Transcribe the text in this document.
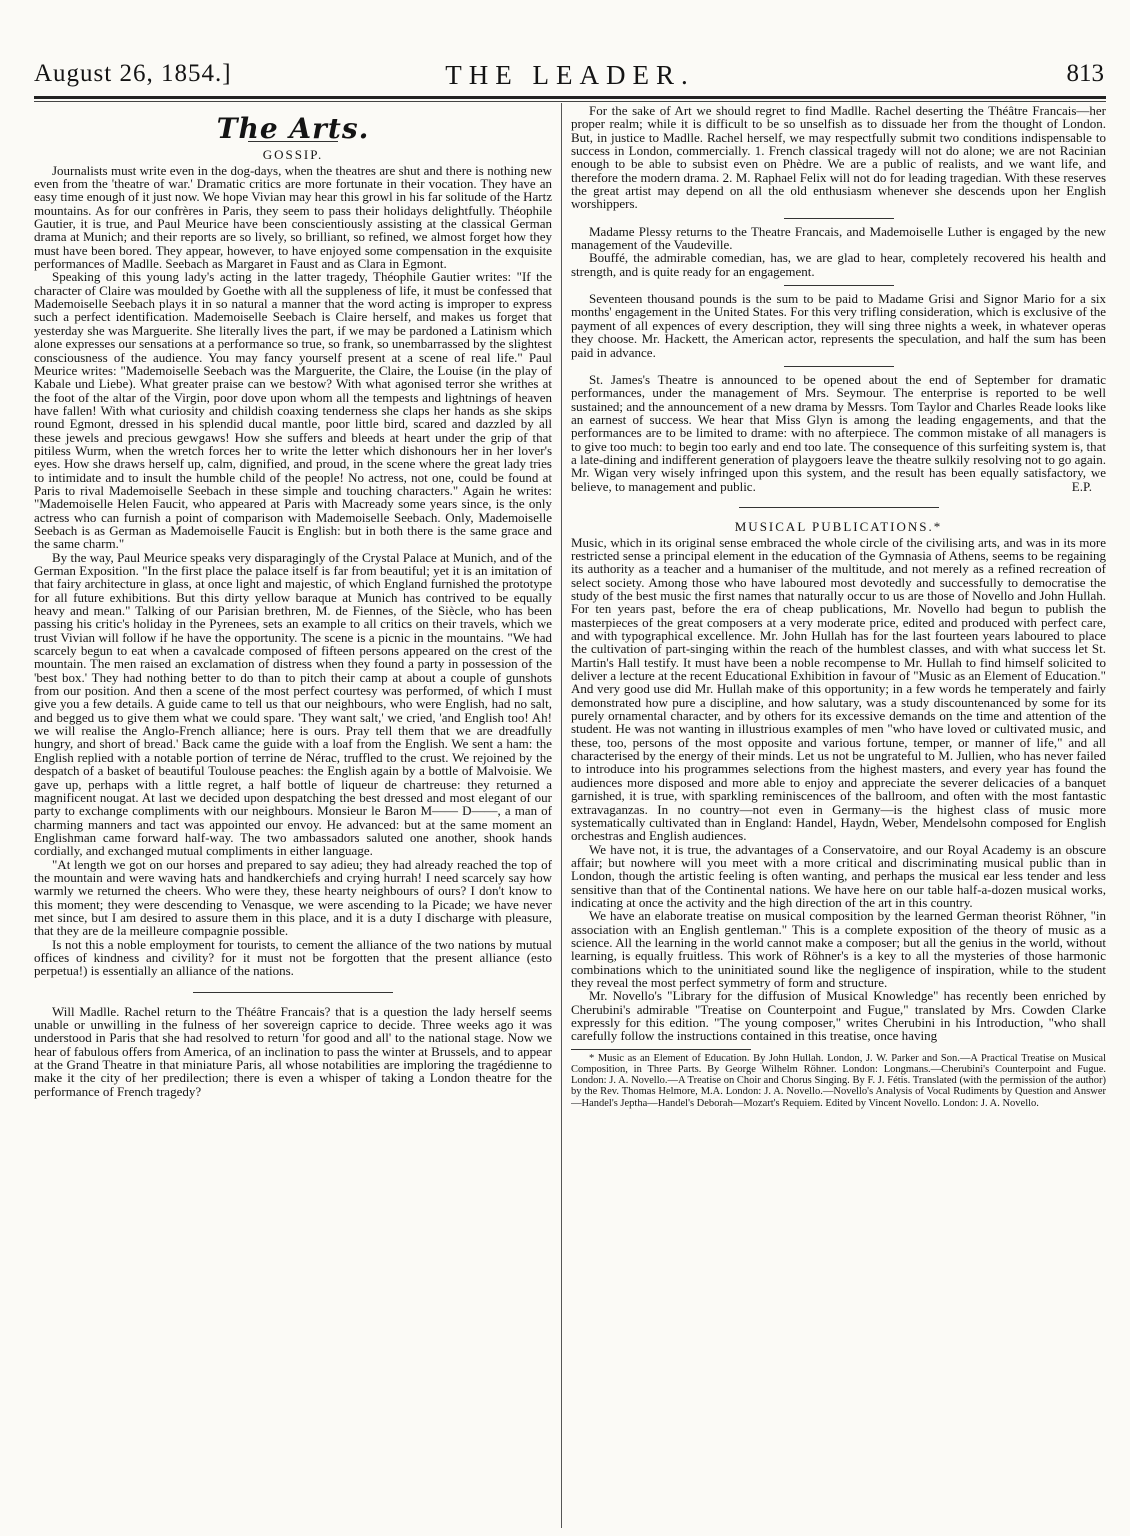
August 26, 1854.]	THE LEADER.	813
The Arts.
GOSSIP.

Journalists must write even in the dog-days, when the theatres are shut and there is nothing new even from the 'theatre of war.' Dramatic critics are more fortunate in their vocation. They have an easy time enough of it just now. We hope Vivian may hear this growl in his far solitude of the Hartz mountains. As for our confrères in Paris, they seem to pass their holidays delightfully. Théophile Gautier, it is true, and Paul Meurice have been conscientiously assisting at the classical German drama at Munich; and their reports are so lively, so brilliant, so refined, we almost forget how they must have been bored. They appear, however, to have enjoyed some compensation in the exquisite performances of Madlle. Seebach as Margaret in Faust and as Clara in Egmont.

Speaking of this young lady's acting in the latter tragedy, Théophile Gautier writes: "If the character of Claire was moulded by Goethe with all the suppleness of life, it must be confessed that Mademoiselle Seebach plays it in so natural a manner that the word acting is improper to express such a perfect identification. Mademoiselle Seebach is Claire herself, and makes us forget that yesterday she was Marguerite. She literally lives the part, if we may be pardoned a Latinism which alone expresses our sensations at a performance so true, so frank, so unembarrassed by the slightest consciousness of the audience. You may fancy yourself present at a scene of real life." Paul Meurice writes: "Mademoiselle Seebach was the Marguerite, the Claire, the Louise (in the play of Kabale und Liebe). What greater praise can we bestow? With what agonised terror she writhes at the foot of the altar of the Virgin, poor dove upon whom all the tempests and lightnings of heaven have fallen! With what curiosity and childish coaxing tenderness she claps her hands as she skips round Egmont, dressed in his splendid ducal mantle, poor little bird, scared and dazzled by all these jewels and precious gewgaws! How she suffers and bleeds at heart under the grip of that pitiless Wurm, when the wretch forces her to write the letter which dishonours her in her lover's eyes. How she draws herself up, calm, dignified, and proud, in the scene where the great lady tries to intimidate and to insult the humble child of the people! No actress, not one, could be found at Paris to rival Mademoiselle Seebach in these simple and touching characters." Again he writes: "Mademoiselle Helen Faucit, who appeared at Paris with Macready some years since, is the only actress who can furnish a point of comparison with Mademoiselle Seebach. Only, Mademoiselle Seebach is as German as Mademoiselle Faucit is English: but in both there is the same grace and the same charm."

By the way, Paul Meurice speaks very disparagingly of the Crystal Palace at Munich, and of the German Exposition. "In the first place the palace itself is far from beautiful; yet it is an imitation of that fairy architecture in glass, at once light and majestic, of which England furnished the prototype for all future exhibitions. But this dirty yellow baraque at Munich has contrived to be equally heavy and mean." Talking of our Parisian brethren, M. de Fiennes, of the Siècle, who has been passing his critic's holiday in the Pyrenees, sets an example to all critics on their travels, which we trust Vivian will follow if he have the opportunity. The scene is a picnic in the mountains. "We had scarcely begun to eat when a cavalcade composed of fifteen persons appeared on the crest of the mountain. The men raised an exclamation of distress when they found a party in possession of the 'best box.' They had nothing better to do than to pitch their camp at about a couple of gunshots from our position. And then a scene of the most perfect courtesy was performed, of which I must give you a few details. A guide came to tell us that our neighbours, who were English, had no salt, and begged us to give them what we could spare. 'They want salt,' we cried, 'and English too! Ah! we will realise the Anglo-French alliance; here is ours. Pray tell them that we are dreadfully hungry, and short of bread.' Back came the guide with a loaf from the English. We sent a ham: the English replied with a notable portion of terrine de Nérac, truffled to the crust. We rejoined by the despatch of a basket of beautiful Toulouse peaches: the English again by a bottle of Malvoisie. We gave up, perhaps with a little regret, a half bottle of liqueur de chartreuse: they returned a magnificent nougat. At last we decided upon despatching the best dressed and most elegant of our party to exchange compliments with our neighbours. Monsieur le Baron M—— D——, a man of charming manners and tact was appointed our envoy. He advanced: but at the same moment an Englishman came forward half-way. The two ambassadors saluted one another, shook hands cordially, and exchanged mutual compliments in either language.

"At length we got on our horses and prepared to say adieu; they had already reached the top of the mountain and were waving hats and handkerchiefs and crying hurrah! I need scarcely say how warmly we returned the cheers. Who were they, these hearty neighbours of ours? I don't know to this moment; they were descending to Venasque, we were ascending to la Picade; we have never met since, but I am desired to assure them in this place, and it is a duty I discharge with pleasure, that they are de la meilleure compagnie possible.

Is not this a noble employment for tourists, to cement the alliance of the two nations by mutual offices of kindness and civility? for it must not be forgotten that the present alliance (esto perpetua!) is essentially an alliance of the nations.

Will Madlle. Rachel return to the Théâtre Francais? that is a question the lady herself seems unable or unwilling in the fulness of her sovereign caprice to decide. Three weeks ago it was understood in Paris that she had resolved to return 'for good and all' to the national stage. Now we hear of fabulous offers from America, of an inclination to pass the winter at Brussels, and to appear at the Grand Theatre in that miniature Paris, all whose notabilities are imploring the tragédienne to make it the city of her predilection; there is even a whisper of taking a London theatre for the performance of French tragedy?

For the sake of Art we should regret to find Madlle. Rachel deserting the Théâtre Francais—her proper realm; while it is difficult to be so unselfish as to dissuade her from the thought of London. But, in justice to Madlle. Rachel herself, we may respectfully submit two conditions indispensable to success in London, commercially. 1. French classical tragedy will not do alone; we are not Racinian enough to be able to subsist even on Phèdre. We are a public of realists, and we want life, and therefore the modern drama. 2. M. Raphael Felix will not do for leading tragedian. With these reserves the great artist may depend on all the old enthusiasm whenever she descends upon her English worshippers.

Madame Plessy returns to the Theatre Francais, and Mademoiselle Luther is engaged by the new management of the Vaudeville.

Bouffé, the admirable comedian, has, we are glad to hear, completely recovered his health and strength, and is quite ready for an engagement.

Seventeen thousand pounds is the sum to be paid to Madame Grisi and Signor Mario for a six months' engagement in the United States. For this very trifling consideration, which is exclusive of the payment of all expences of every description, they will sing three nights a week, in whatever operas they choose. Mr. Hackett, the American actor, represents the speculation, and half the sum has been paid in advance.

St. James's Theatre is announced to be opened about the end of September for dramatic performances, under the management of Mrs. Seymour. The enterprise is reported to be well sustained; and the announcement of a new drama by Messrs. Tom Taylor and Charles Reade looks like an earnest of success. We hear that Miss Glyn is among the leading engagements, and that the performances are to be limited to drame: with no afterpiece. The common mistake of all managers is to give too much: to begin too early and end too late. The consequence of this surfeiting system is, that a late-dining and indifferent generation of playgoers leave the theatre sulkily resolving not to go again. Mr. Wigan very wisely infringed upon this system, and the result has been equally satisfactory, we believe, to management and public.	E.P.
MUSICAL PUBLICATIONS.*

Music, which in its original sense embraced the whole circle of the civilising arts, and was in its more restricted sense a principal element in the education of the Gymnasia of Athens, seems to be regaining its authority as a teacher and a humaniser of the multitude, and not merely as a refined recreation of select society. Among those who have laboured most devotedly and successfully to democratise the study of the best music the first names that naturally occur to us are those of Novello and John Hullah. For ten years past, before the era of cheap publications, Mr. Novello had begun to publish the masterpieces of the great composers at a very moderate price, edited and produced with perfect care, and with typographical excellence. Mr. John Hullah has for the last fourteen years laboured to place the cultivation of part-singing within the reach of the humblest classes, and with what success let St. Martin's Hall testify. It must have been a noble recompense to Mr. Hullah to find himself solicited to deliver a lecture at the recent Educational Exhibition in favour of "Music as an Element of Education." And very good use did Mr. Hullah make of this opportunity; in a few words he temperately and fairly demonstrated how pure a discipline, and how salutary, was a study discountenanced by some for its purely ornamental character, and by others for its excessive demands on the time and attention of the student. He was not wanting in illustrious examples of men "who have loved or cultivated music, and these, too, persons of the most opposite and various fortune, temper, or manner of life," and all characterised by the energy of their minds. Let us not be ungrateful to M. Jullien, who has never failed to introduce into his programmes selections from the highest masters, and every year has found the audiences more disposed and more able to enjoy and appreciate the severer delicacies of a banquet garnished, it is true, with sparkling reminiscences of the ballroom, and often with the most fantastic extravaganzas. In no country—not even in Germany—is the highest class of music more systematically cultivated than in England: Handel, Haydn, Weber, Mendelsohn composed for English orchestras and English audiences.

We have not, it is true, the advantages of a Conservatoire, and our Royal Academy is an obscure affair; but nowhere will you meet with a more critical and discriminating musical public than in London, though the artistic feeling is often wanting, and perhaps the musical ear less tender and less sensitive than that of the Continental nations. We have here on our table half-a-dozen musical works, indicating at once the activity and the high direction of the art in this country.

We have an elaborate treatise on musical composition by the learned German theorist Röhner, "in association with an English gentleman." This is a complete exposition of the theory of music as a science. All the learning in the world cannot make a composer; but all the genius in the world, without learning, is equally fruitless. This work of Röhner's is a key to all the mysteries of those harmonic combinations which to the uninitiated sound like the negligence of inspiration, while to the student they reveal the most perfect symmetry of form and structure.

Mr. Novello's "Library for the diffusion of Musical Knowledge" has recently been enriched by Cherubini's admirable "Treatise on Counterpoint and Fugue," translated by Mrs. Cowden Clarke expressly for this edition. "The young composer," writes Cherubini in his Introduction, "who shall carefully follow the instructions contained in this treatise, once having

* Music as an Element of Education. By John Hullah. London, J. W. Parker and Son.—A Practical Treatise on Musical Composition, in Three Parts. By George Wilhelm Röhner. London: Longmans.—Cherubini's Counterpoint and Fugue. London: J. A. Novello.—A Treatise on Choir and Chorus Singing. By F. J. Fétis. Translated (with the permission of the author) by the Rev. Thomas Helmore, M.A. London: J. A. Novello.—Novello's Analysis of Vocal Rudiments by Question and Answer—Handel's Jeptha—Handel's Deborah—Mozart's Requiem. Edited by Vincent Novello. London: J. A. Novello.
